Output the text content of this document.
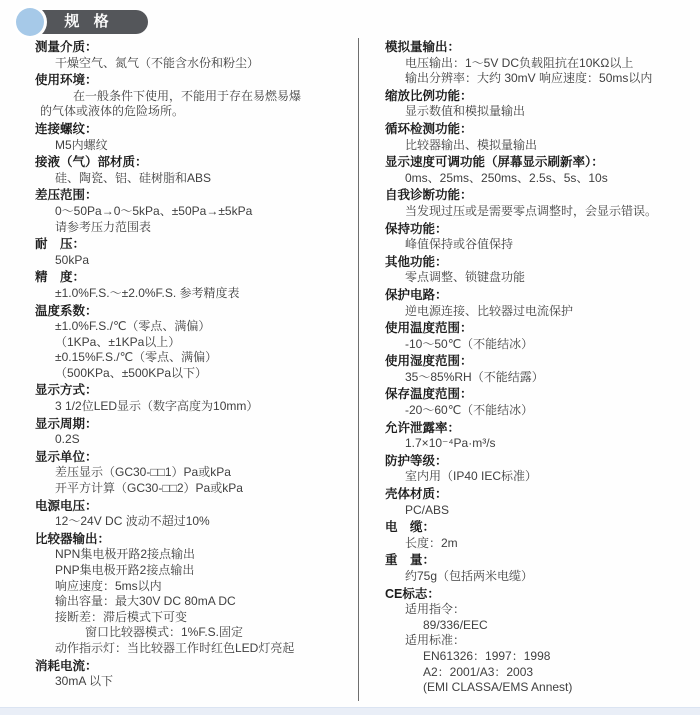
规 格
测量介质：
干燥空气、氮气（不能含水份和粉尘）
使用环境：
在一般条件下使用，不能用于存在易燃易爆
的气体或液体的危险场所。
连接螺纹：
M5内螺纹
接液（气）部材质：
硅、陶瓷、铝、硅树脂和ABS
差压范围：
0～50Pa→0～5kPa、±50Pa→±5kPa
请参考压力范围表
耐　压：
50kPa
精　度：
±1.0%F.S.～±2.0%F.S. 参考精度表
温度系数：
±1.0%F.S./℃（零点、满偏）
（1KPa、±1KPa以上）
±0.15%F.S./℃（零点、满偏）
（500KPa、±500KPa以下）
显示方式：
3 1/2位LED显示（数字高度为10mm）
显示周期：
0.2S
显示单位：
差压显示（GC30-□□1）Pa或kPa
开平方计算（GC30-□□2）Pa或kPa
电源电压：
12～24V DC 波动不超过10%
比较器输出：
NPN集电极开路2接点输出
PNP集电极开路2接点输出
响应速度：5ms以内
输出容量：最大30V DC 80mA DC
接断差：滞后模式下可变
窗口比较器模式：1%F.S.固定
动作指示灯：当比较器工作时红色LED灯亮起
消耗电流：
30mA 以下
模拟量输出：
电压输出：1～5V DC负载阻抗在10KΩ以上
输出分辨率：大约 30mV 响应速度：50ms以内
缩放比例功能：
显示数值和模拟量输出
循环检测功能：
比较器输出、模拟量输出
显示速度可调功能（屏幕显示刷新率）：
0ms、25ms、250ms、2.5s、5s、10s
自我诊断功能：
当发现过压或是需要零点调整时，会显示错误。
保持功能：
峰值保持或谷值保持
其他功能：
零点调整、锁键盘功能
保护电路：
逆电源连接、比较器过电流保护
使用温度范围：
-10～50℃（不能结冰）
使用湿度范围：
35～85%RH（不能结露）
保存温度范围：
-20～60℃（不能结冰）
允许泄露率：
1.7×10⁻⁴Pa·m³/s
防护等级：
室内用（IP40 IEC标准）
壳体材质：
PC/ABS
电　缆：
长度：2m
重　量：
约75g（包括两米电缆）
CE标志：
适用指令：
89/336/EEC
适用标准：
EN61326：1997：1998
A2：2001/A3：2003
(EMI CLASSA/EMS Annest)
